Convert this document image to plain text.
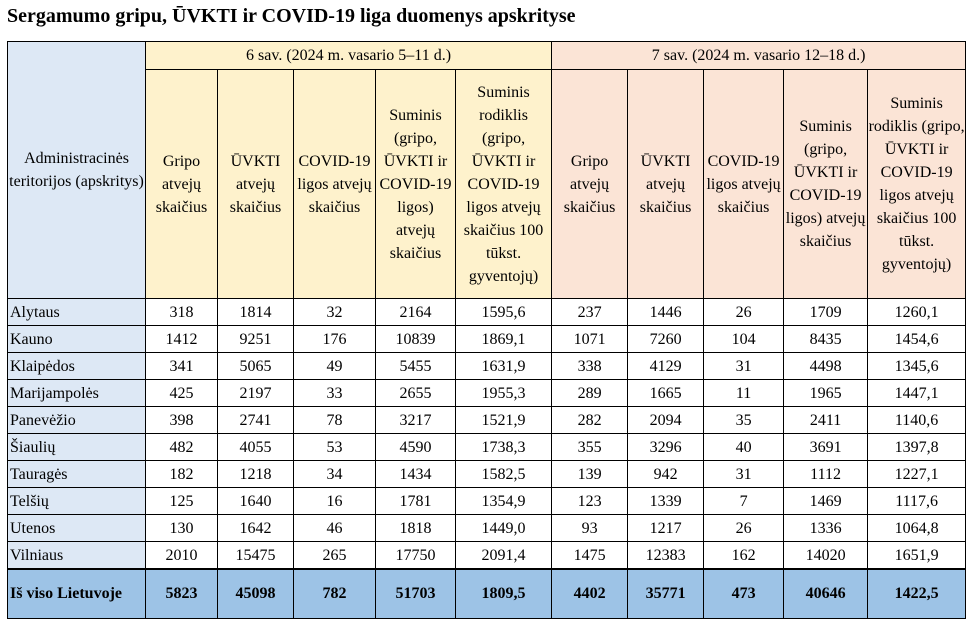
Sergamumo gripu, ŪVKTI ir COVID-19 liga duomenys apskrityse
Administracinės teritorijos (apskritys)	6 sav. (2024 m. vasario 5–11 d.)					7 sav. (2024 m. vasario 12–18 d.)				
	Gripo atvejų skaičius	ŪVKTI atvejų skaičius	COVID-19 ligos atvejų skaičius	Suminis (gripo, ŪVKTI ir COVID-19 ligos) atvejų skaičius	Suminis rodiklis (gripo, ŪVKTI ir COVID-19 ligos atvejų skaičius 100 tūkst. gyventojų)	Gripo atvejų skaičius	ŪVKTI atvejų skaičius	COVID-19 ligos atvejų skaičius	Suminis (gripo, ŪVKTI ir COVID-19 ligos) atvejų skaičius	Suminis rodiklis (gripo, ŪVKTI ir COVID-19 ligos atvejų skaičius 100 tūkst. gyventojų)
Alytaus	318	1814	32	2164	1595,6	237	1446	26	1709	1260,1
Kauno	1412	9251	176	10839	1869,1	1071	7260	104	8435	1454,6
Klaipėdos	341	5065	49	5455	1631,9	338	4129	31	4498	1345,6
Marijampolės	425	2197	33	2655	1955,3	289	1665	11	1965	1447,1
Panevėžio	398	2741	78	3217	1521,9	282	2094	35	2411	1140,6
Šiaulių	482	4055	53	4590	1738,3	355	3296	40	3691	1397,8
Tauragės	182	1218	34	1434	1582,5	139	942	31	1112	1227,1
Telšių	125	1640	16	1781	1354,9	123	1339	7	1469	1117,6
Utenos	130	1642	46	1818	1449,0	93	1217	26	1336	1064,8
Vilniaus	2010	15475	265	17750	2091,4	1475	12383	162	14020	1651,9
Iš viso Lietuvoje	5823	45098	782	51703	1809,5	4402	35771	473	40646	1422,5
